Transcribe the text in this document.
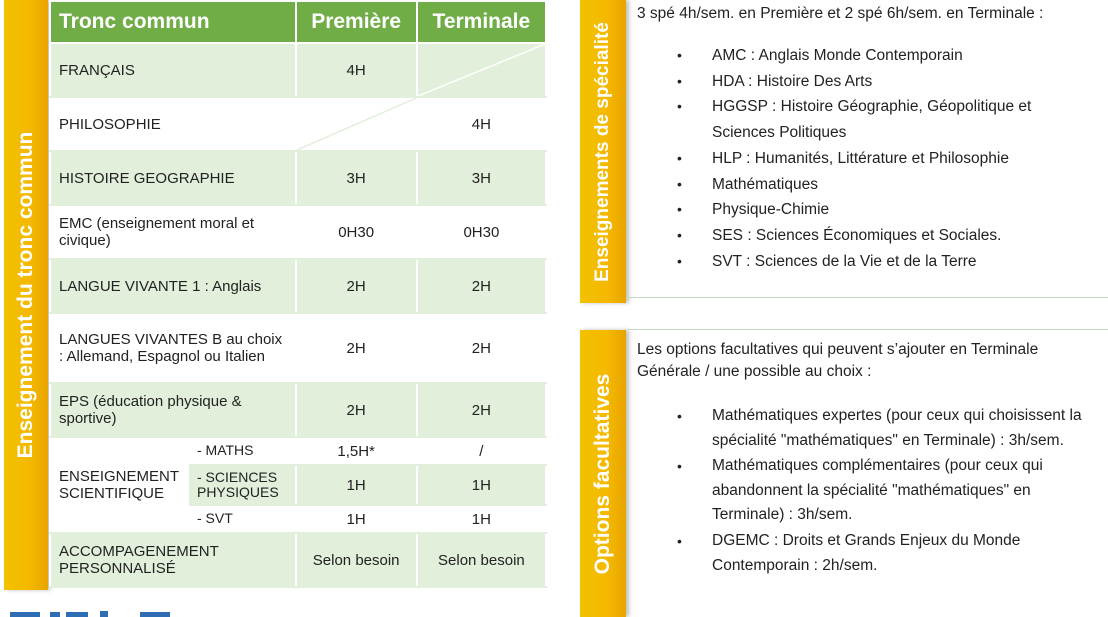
Enseignement du tronc commun	Enseignements de spécialité
Options facultatives
Tronc commun		Première	Terminale
FRANÇAIS		4H	

PHILOSOPHIE			4H
HISTOIRE GEOGRAPHIE		3H	3H
EMC (enseignement moral et civique)		0H30	0H30
LANGUE VIVANTE 1 : Anglais		2H	2H
LANGUES VIVANTES B au choix : Allemand, Espagnol ou Italien		2H	2H
EPS (éducation physique & sportive)		2H	2H
ENSEIGNEMENT SCIENTIFIQUE	- MATHS	1,5H*	/
	- SCIENCES PHYSIQUES	1H	1H
	- SVT	1H	1H
ACCOMPAGENEMENT PERSONNALISÉ		Selon besoin	Selon besoin
3 spé 4h/sem. en Première et 2 spé 6h/sem. en Terminale :
•	AMC : Anglais Monde Contemporain
•	HDA : Histoire Des Arts
•	HGGSP : Histoire Géographie, Géopolitique et Sciences Politiques
•	HLP : Humanités, Littérature et Philosophie
•	Mathématiques
•	Physique-Chimie
•	SES : Sciences Économiques et Sociales.
•	SVT : Sciences de la Vie et de la Terre
Les options facultatives qui peuvent s’ajouter en Terminale Générale / une possible au choix :
•	Mathématiques expertes (pour ceux qui choisissent la spécialité "mathématiques" en Terminale) : 3h/sem.
•	Mathématiques complémentaires (pour ceux qui abandonnent la spécialité "mathématiques" en Terminale) : 3h/sem.
•	DGEMC : Droits et Grands Enjeux du Monde Contemporain : 2h/sem.
